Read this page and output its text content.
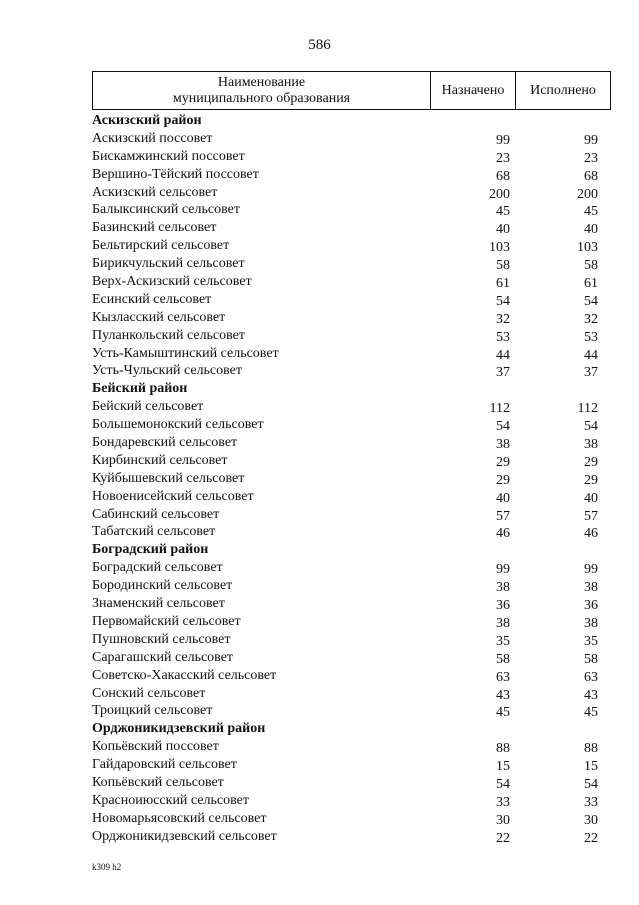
586
Наименование
муниципального образования
Назначено	Исполнено
Аскизский район
Аскизский поссовет	99	99
Бискамжинский поссовет	23	23
Вершино-Тёйский поссовет	68	68
Аскизский сельсовет	200	200
Балыксинский сельсовет	45	45
Базинский сельсовет	40	40
Бельтирский сельсовет	103	103
Бирикчульский сельсовет	58	58
Верх-Аскизский сельсовет	61	61
Есинский сельсовет	54	54
Кызласский сельсовет	32	32
Пуланкольский сельсовет	53	53
Усть-Камыштинский сельсовет	44	44
Усть-Чульский сельсовет	37	37
Бейский район
Бейский сельсовет	112	112
Большемонокский сельсовет	54	54
Бондаревский сельсовет	38	38
Кирбинский сельсовет	29	29
Куйбышевский сельсовет	29	29
Новоенисейский сельсовет	40	40
Сабинский сельсовет	57	57
Табатский сельсовет	46	46
Боградский район
Боградский сельсовет	99	99
Бородинский сельсовет	38	38
Знаменский сельсовет	36	36
Первомайский сельсовет	38	38
Пушновский сельсовет	35	35
Сарагашский сельсовет	58	58
Советско-Хакасский сельсовет	63	63
Сонский сельсовет	43	43
Троицкий сельсовет	45	45
Орджоникидзевский район
Копьёвский поссовет	88	88
Гайдаровский сельсовет	15	15
Копьёвский сельсовет	54	54
Красноиюсский сельсовет	33	33
Новомарьясовский сельсовет	30	30
Орджоникидзевский сельсовет	22	22
k309 h2
